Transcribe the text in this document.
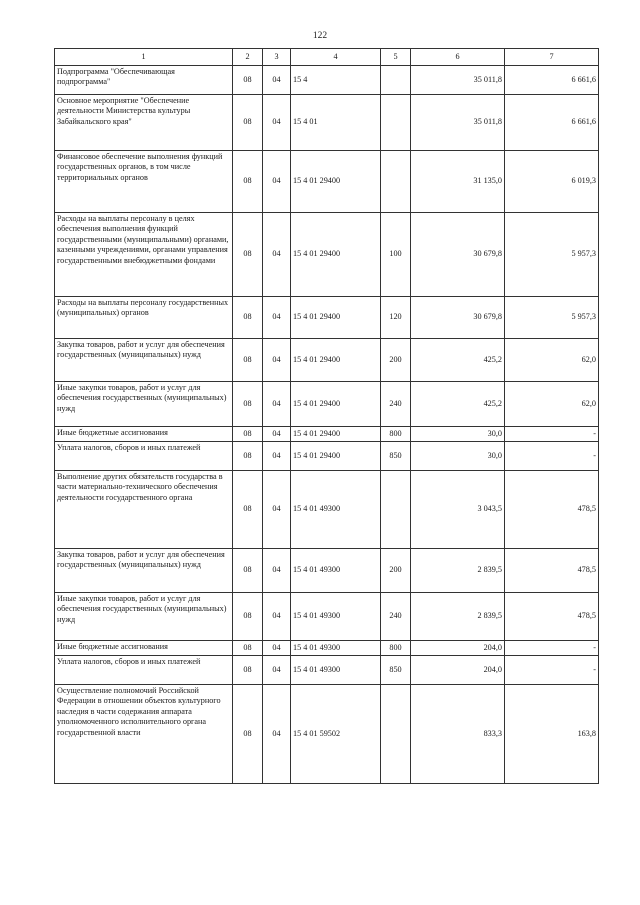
122
1	2	3	4	5	6	7
Подпрограмма "Обеспечивающая подпрограмма"	08	04	15 4		35 011,8	6 661,6
Основное мероприятие "Обеспечение деятельности Министерства культуры Забайкальского края"	08	04	15 4 01		35 011,8	6 661,6
Финансовое обеспечение выполнения функций государственных органов, в том числе территориальных органов	08	04	15 4 01 29400		31 135,0	6 019,3
Расходы на выплаты персоналу в целях обеспечения выполнения функций государственными (муниципальными) органами, казенными учреждениями, органами управления государственными внебюджетными фондами	08	04	15 4 01 29400	100	30 679,8	5 957,3
Расходы на выплаты персоналу государственных (муниципальных) органов	08	04	15 4 01 29400	120	30 679,8	5 957,3
Закупка товаров, работ и услуг для обеспечения государственных (муниципальных) нужд	08	04	15 4 01 29400	200	425,2	62,0
Иные закупки товаров, работ и услуг для обеспечения государственных (муниципальных) нужд	08	04	15 4 01 29400	240	425,2	62,0
Иные бюджетные ассигнования	08	04	15 4 01 29400	800	30,0	-
Уплата налогов, сборов и иных платежей	08	04	15 4 01 29400	850	30,0	-
Выполнение других обязательств государства в части материально-технического обеспечения деятельности государственного органа	08	04	15 4 01 49300		3 043,5	478,5
Закупка товаров, работ и услуг для обеспечения государственных (муниципальных) нужд	08	04	15 4 01 49300	200	2 839,5	478,5
Иные закупки товаров, работ и услуг для обеспечения государственных (муниципальных) нужд	08	04	15 4 01 49300	240	2 839,5	478,5
Иные бюджетные ассигнования	08	04	15 4 01 49300	800	204,0	-
Уплата налогов, сборов и иных платежей	08	04	15 4 01 49300	850	204,0	-
Осуществление полномочий Российской Федерации в отношении объектов культурного наследия в части содержания аппарата уполномоченного исполнительного органа государственной власти	08	04	15 4 01 59502		833,3	163,8
